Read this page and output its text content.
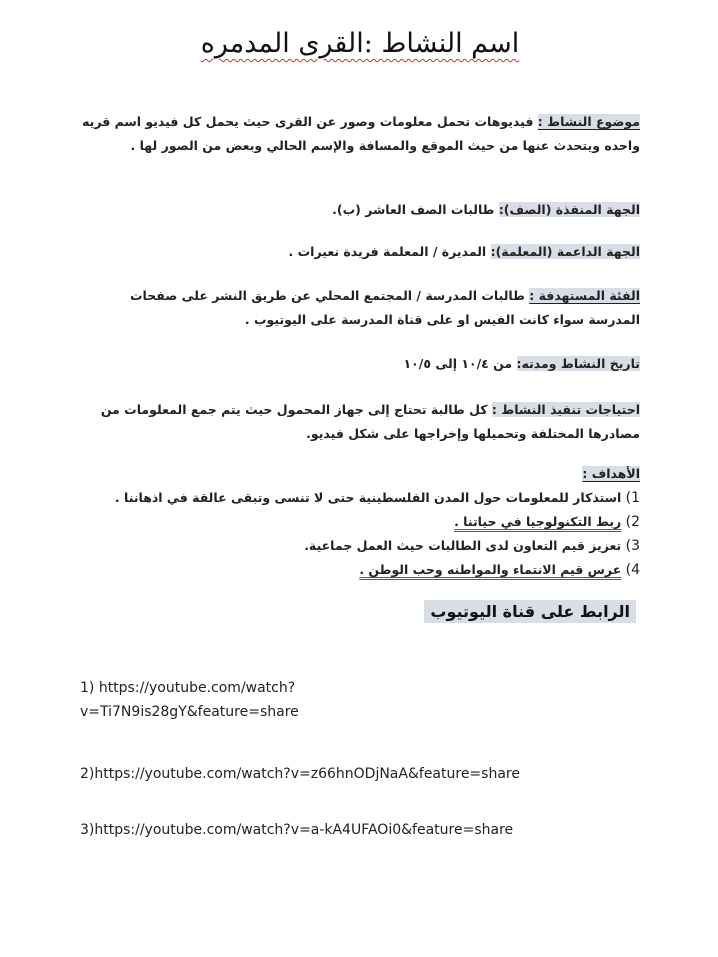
اسم النشاط :القرى المدمره
موضوع النشاط : فيديوهات تحمل معلومات وصور عن القرى حيث يحمل كل فيديو اسم قريه واحده ويتحدث عنها من حيث الموقع والمسافة والإسم الحالي وبعض من الصور لها .
الجهة المنفذة (الصف): طالبات الصف العاشر (ب).
الجهة الداعمة (المعلمة): المديرة / المعلمة فريدة نعيرات .
الفئة المستهدفة : طالبات المدرسة / المجتمع المحلي عن طريق النشر على صفحات المدرسة سواء كانت الفيس او على قناة المدرسة على اليوتيوب .
تاريخ النشاط ومدته: من ١٠/٤ إلى ١٠/٥
احتياجات تنفيذ النشاط : كل طالبة تحتاج إلى جهاز المحمول حيث يتم جمع المعلومات من مصادرها المختلفة وتحميلها وإخراجها على شكل فيديو.
الأهداف :
1) استذكار للمعلومات حول المدن الفلسطينية حتى لا تنسى وتبقى عالقة في اذهاننا .
2) ربط التكنولوجيا في حياتنا .
3) تعزيز قيم التعاون لدى الطالبات حيث العمل جماعية.
4) عرس قيم الانتماء والمواطنه وحب الوطن .
الرابط على قناة اليوتيوب
1) https://youtube.com/watch?
v=Ti7N9is28gY&feature=share
2)https://youtube.com/watch?v=z66hnODjNaA&feature=share
3)https://youtube.com/watch?v=a-kA4UFAOi0&feature=share
